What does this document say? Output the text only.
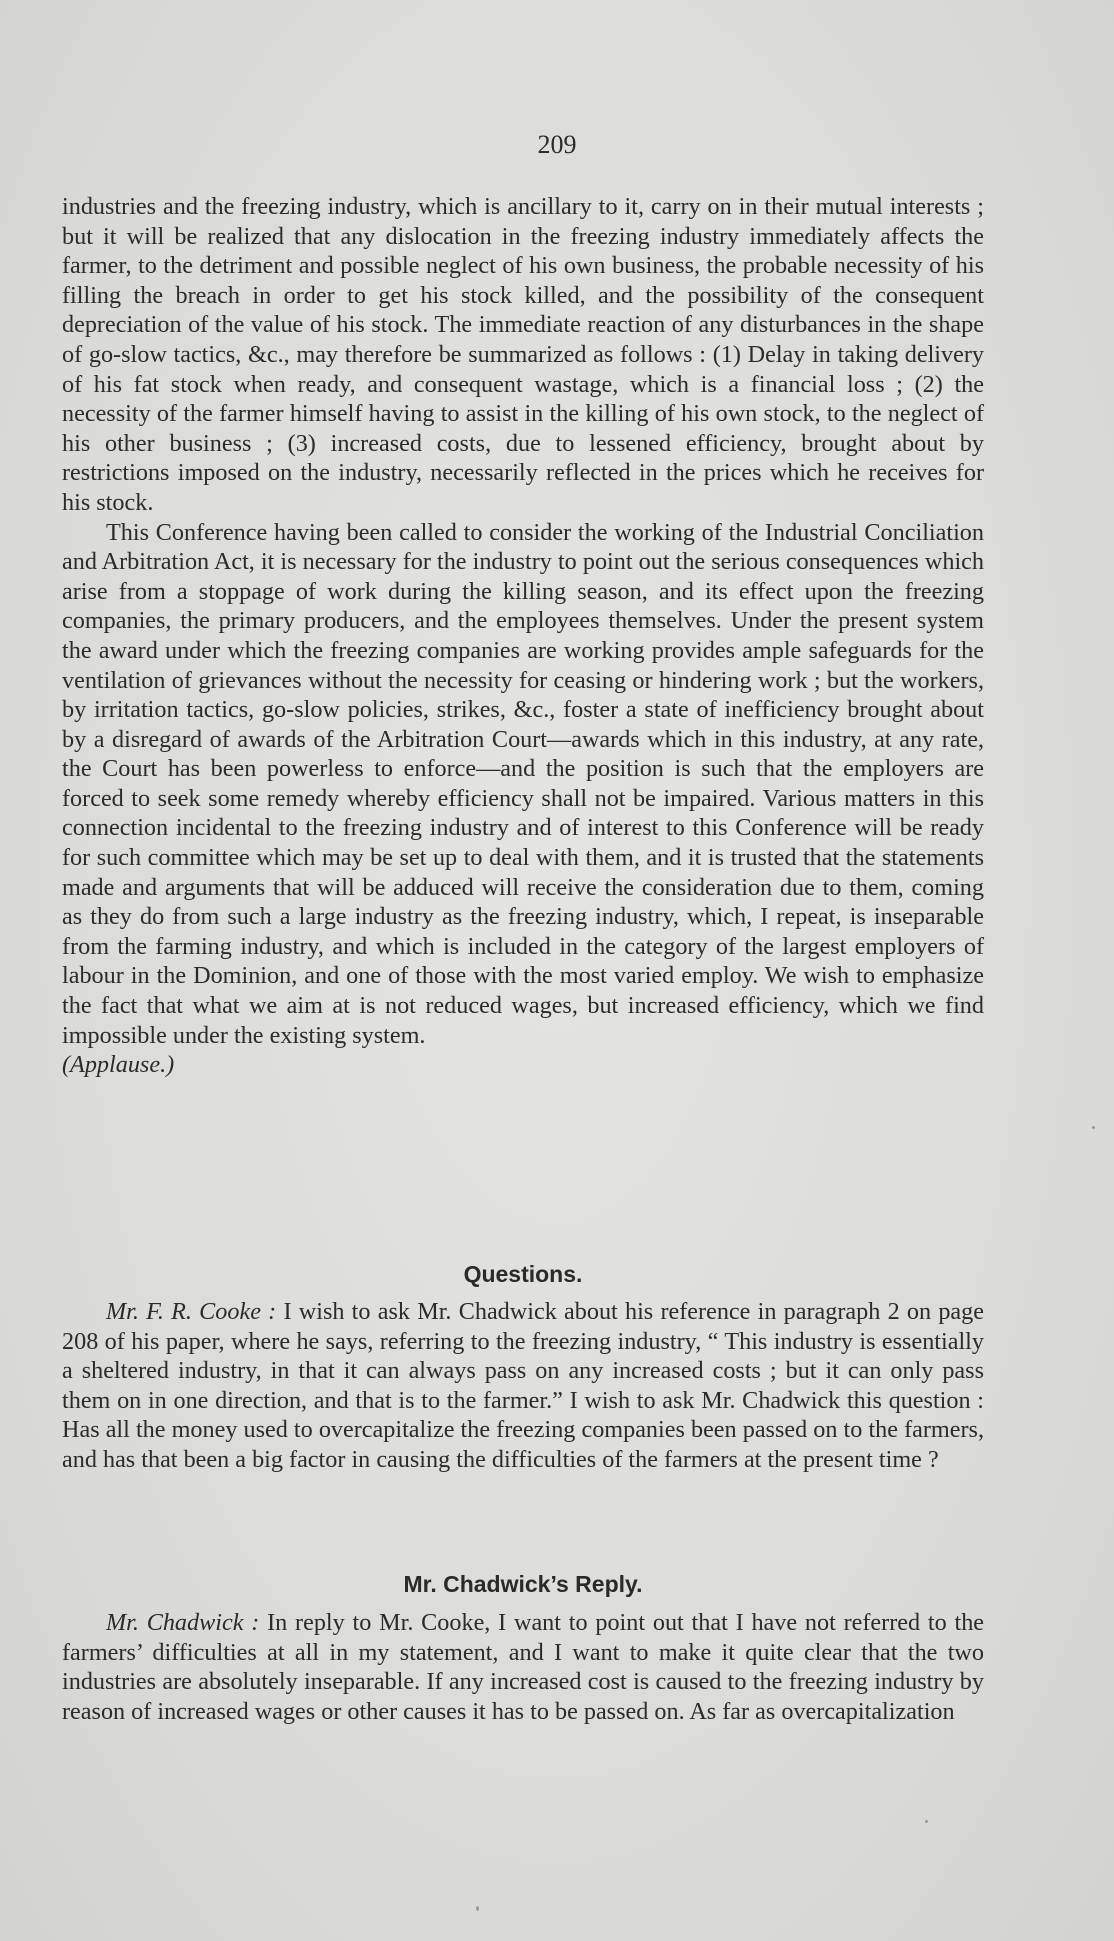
209

industries and the freezing industry, which is ancillary to it, carry on in their mutual interests ; but it will be realized that any dislocation in the freezing industry immediately affects the farmer, to the detriment and possible neglect of his own business, the probable necessity of his filling the breach in order to get his stock killed, and the possibility of the consequent depreciation of the value of his stock. The immediate reaction of any disturbances in the shape of go-slow tactics, &c., may therefore be summarized as follows : (1) Delay in taking delivery of his fat stock when ready, and consequent wastage, which is a financial loss ; (2) the necessity of the farmer himself having to assist in the killing of his own stock, to the neglect of his other business ; (3) increased costs, due to lessened efficiency, brought about by restrictions imposed on the industry, necessarily reflected in the prices which he receives for his stock.

This Conference having been called to consider the working of the Industrial Conciliation and Arbitration Act, it is necessary for the industry to point out the serious consequences which arise from a stoppage of work during the killing season, and its effect upon the freezing companies, the primary producers, and the employees themselves. Under the present system the award under which the freezing companies are working provides ample safeguards for the ventilation of grievances without the necessity for ceasing or hindering work ; but the workers, by irritation tactics, go-slow policies, strikes, &c., foster a state of inefficiency brought about by a disregard of awards of the Arbitration Court—awards which in this industry, at any rate, the Court has been powerless to enforce—and the position is such that the employers are forced to seek some remedy whereby efficiency shall not be impaired. Various matters in this connection incidental to the freezing industry and of interest to this Conference will be ready for such committee which may be set up to deal with them, and it is trusted that the statements made and arguments that will be adduced will receive the consideration due to them, coming as they do from such a large industry as the freezing industry, which, I repeat, is inseparable from the farming industry, and which is included in the category of the largest employers of labour in the Dominion, and one of those with the most varied employ. We wish to emphasize the fact that what we aim at is not reduced wages, but increased efficiency, which we find impossible under the existing system.

(Applause.)

Questions.

Mr. F. R. Cooke : I wish to ask Mr. Chadwick about his reference in paragraph 2 on page 208 of his paper, where he says, referring to the freezing industry, “ This industry is essentially a sheltered industry, in that it can always pass on any increased costs ; but it can only pass them on in one direction, and that is to the farmer.” I wish to ask Mr. Chadwick this question : Has all the money used to overcapitalize the freezing companies been passed on to the farmers, and has that been a big factor in causing the difficulties of the farmers at the present time ?

Mr. Chadwick’s Reply.

Mr. Chadwick : In reply to Mr. Cooke, I want to point out that I have not referred to the farmers’ difficulties at all in my statement, and I want to make it quite clear that the two industries are absolutely inseparable. If any increased cost is caused to the freezing industry by reason of increased wages or other causes it has to be passed on. As far as overcapitalization
